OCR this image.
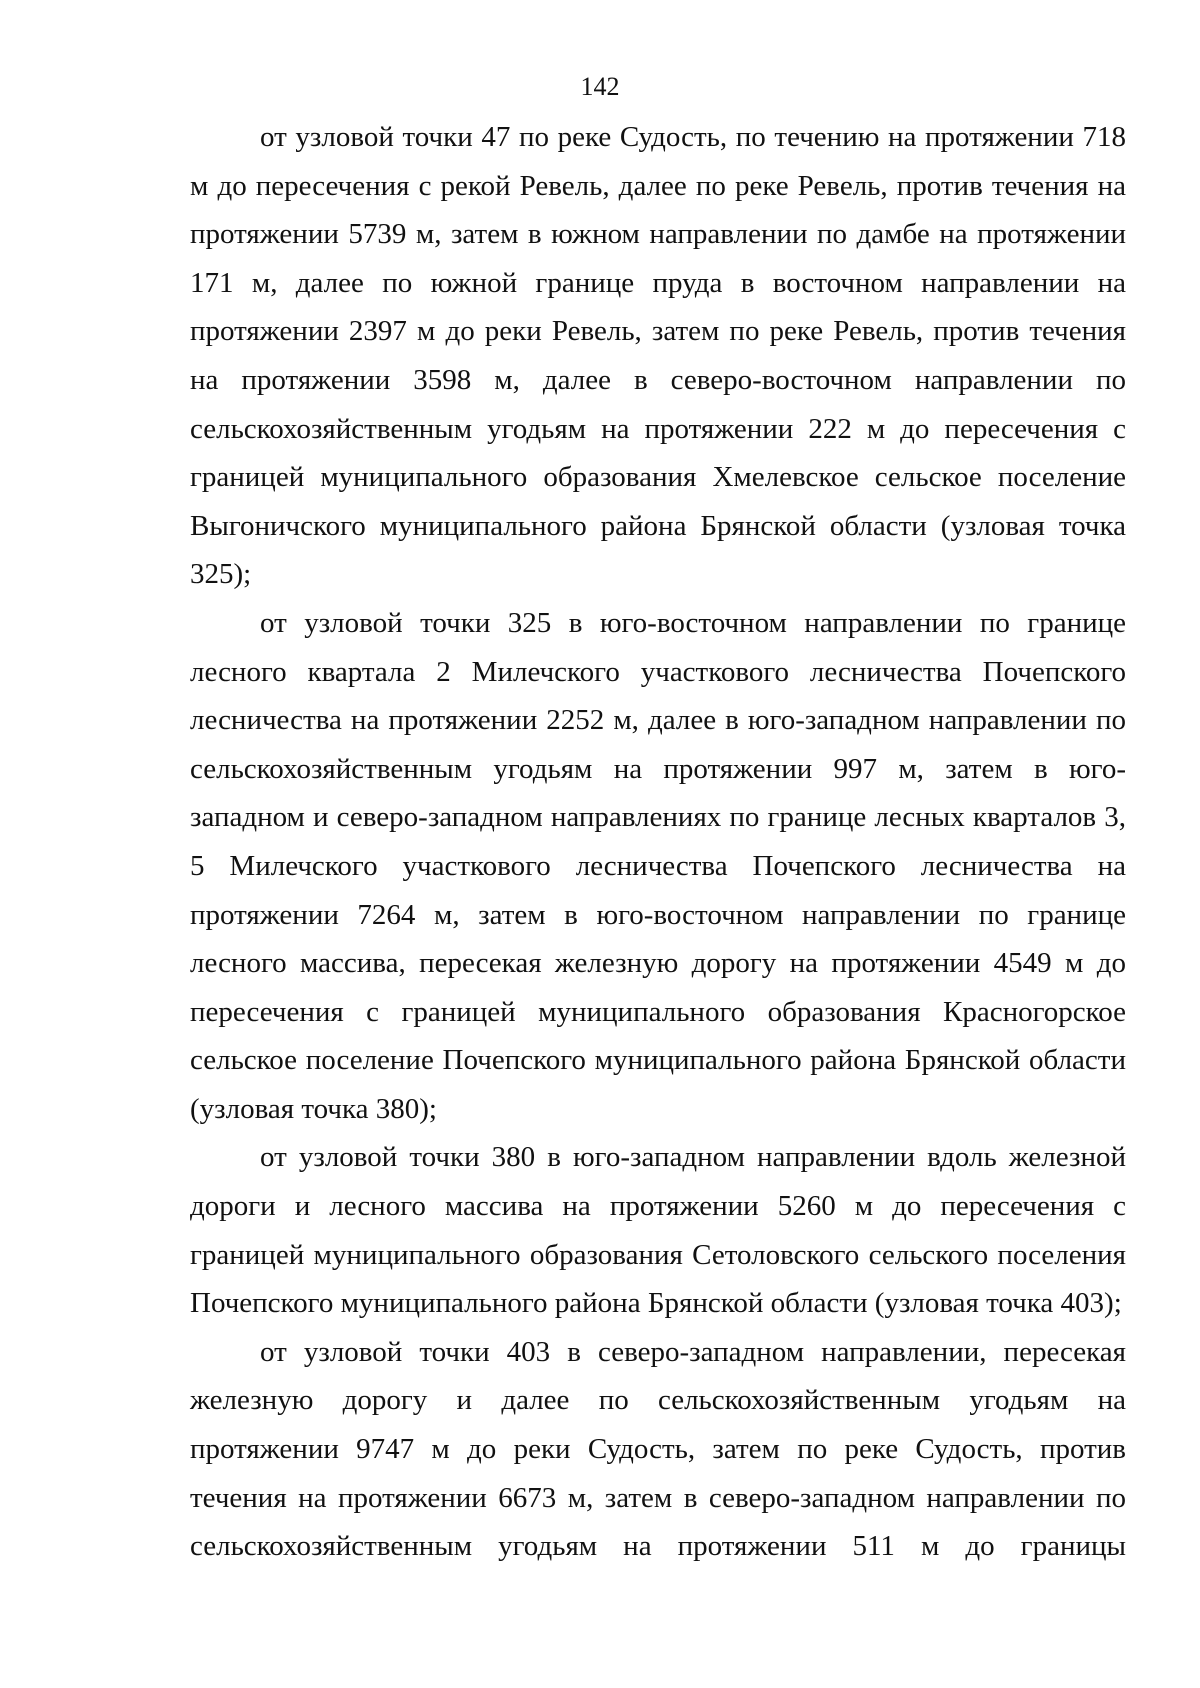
142

от узловой точки 47 по реке Судость, по течению на протяжении 718 м до пересечения с рекой Ревель, далее по реке Ревель, против течения на протяжении 5739 м, затем в южном направлении по дамбе на протяжении 171 м, далее по южной границе пруда в восточном направлении на протяжении 2397 м до реки Ревель, затем по реке Ревель, против течения на протяжении 3598 м, далее в северо-восточном направлении по сельскохозяйственным угодьям на протяжении 222 м до пересечения с границей муниципального образования Хмелевское сельское поселение Выгоничского муниципального района Брянской области (узловая точка 325);

от узловой точки 325 в юго-восточном направлении по границе лесного квартала 2 Милечского участкового лесничества Почепского лесничества на протяжении 2252 м, далее в юго-западном направлении по сельскохозяйственным угодьям на протяжении 997 м, затем в юго-западном и северо-западном направлениях по границе лесных кварталов 3, 5 Милечского участкового лесничества Почепского лесничества на протяжении 7264 м, затем в юго-восточном направлении по границе лесного массива, пересекая железную дорогу на протяжении 4549 м до пересечения с границей муниципального образования Красногорское сельское поселение Почепского муниципального района Брянской области (узловая точка 380);

от узловой точки 380 в юго-западном направлении вдоль железной дороги и лесного массива на протяжении 5260 м до пересечения с границей муниципального образования Сетоловского сельского поселения Почепского муниципального района Брянской области (узловая точка 403);

от узловой точки 403 в северо-западном направлении, пересекая железную дорогу и далее по сельскохозяйственным угодьям на протяжении 9747 м до реки Судость, затем по реке Судость, против течения на протяжении 6673 м, затем в северо-западном направлении по сельскохозяйственным угодьям на протяжении 511 м до границы
